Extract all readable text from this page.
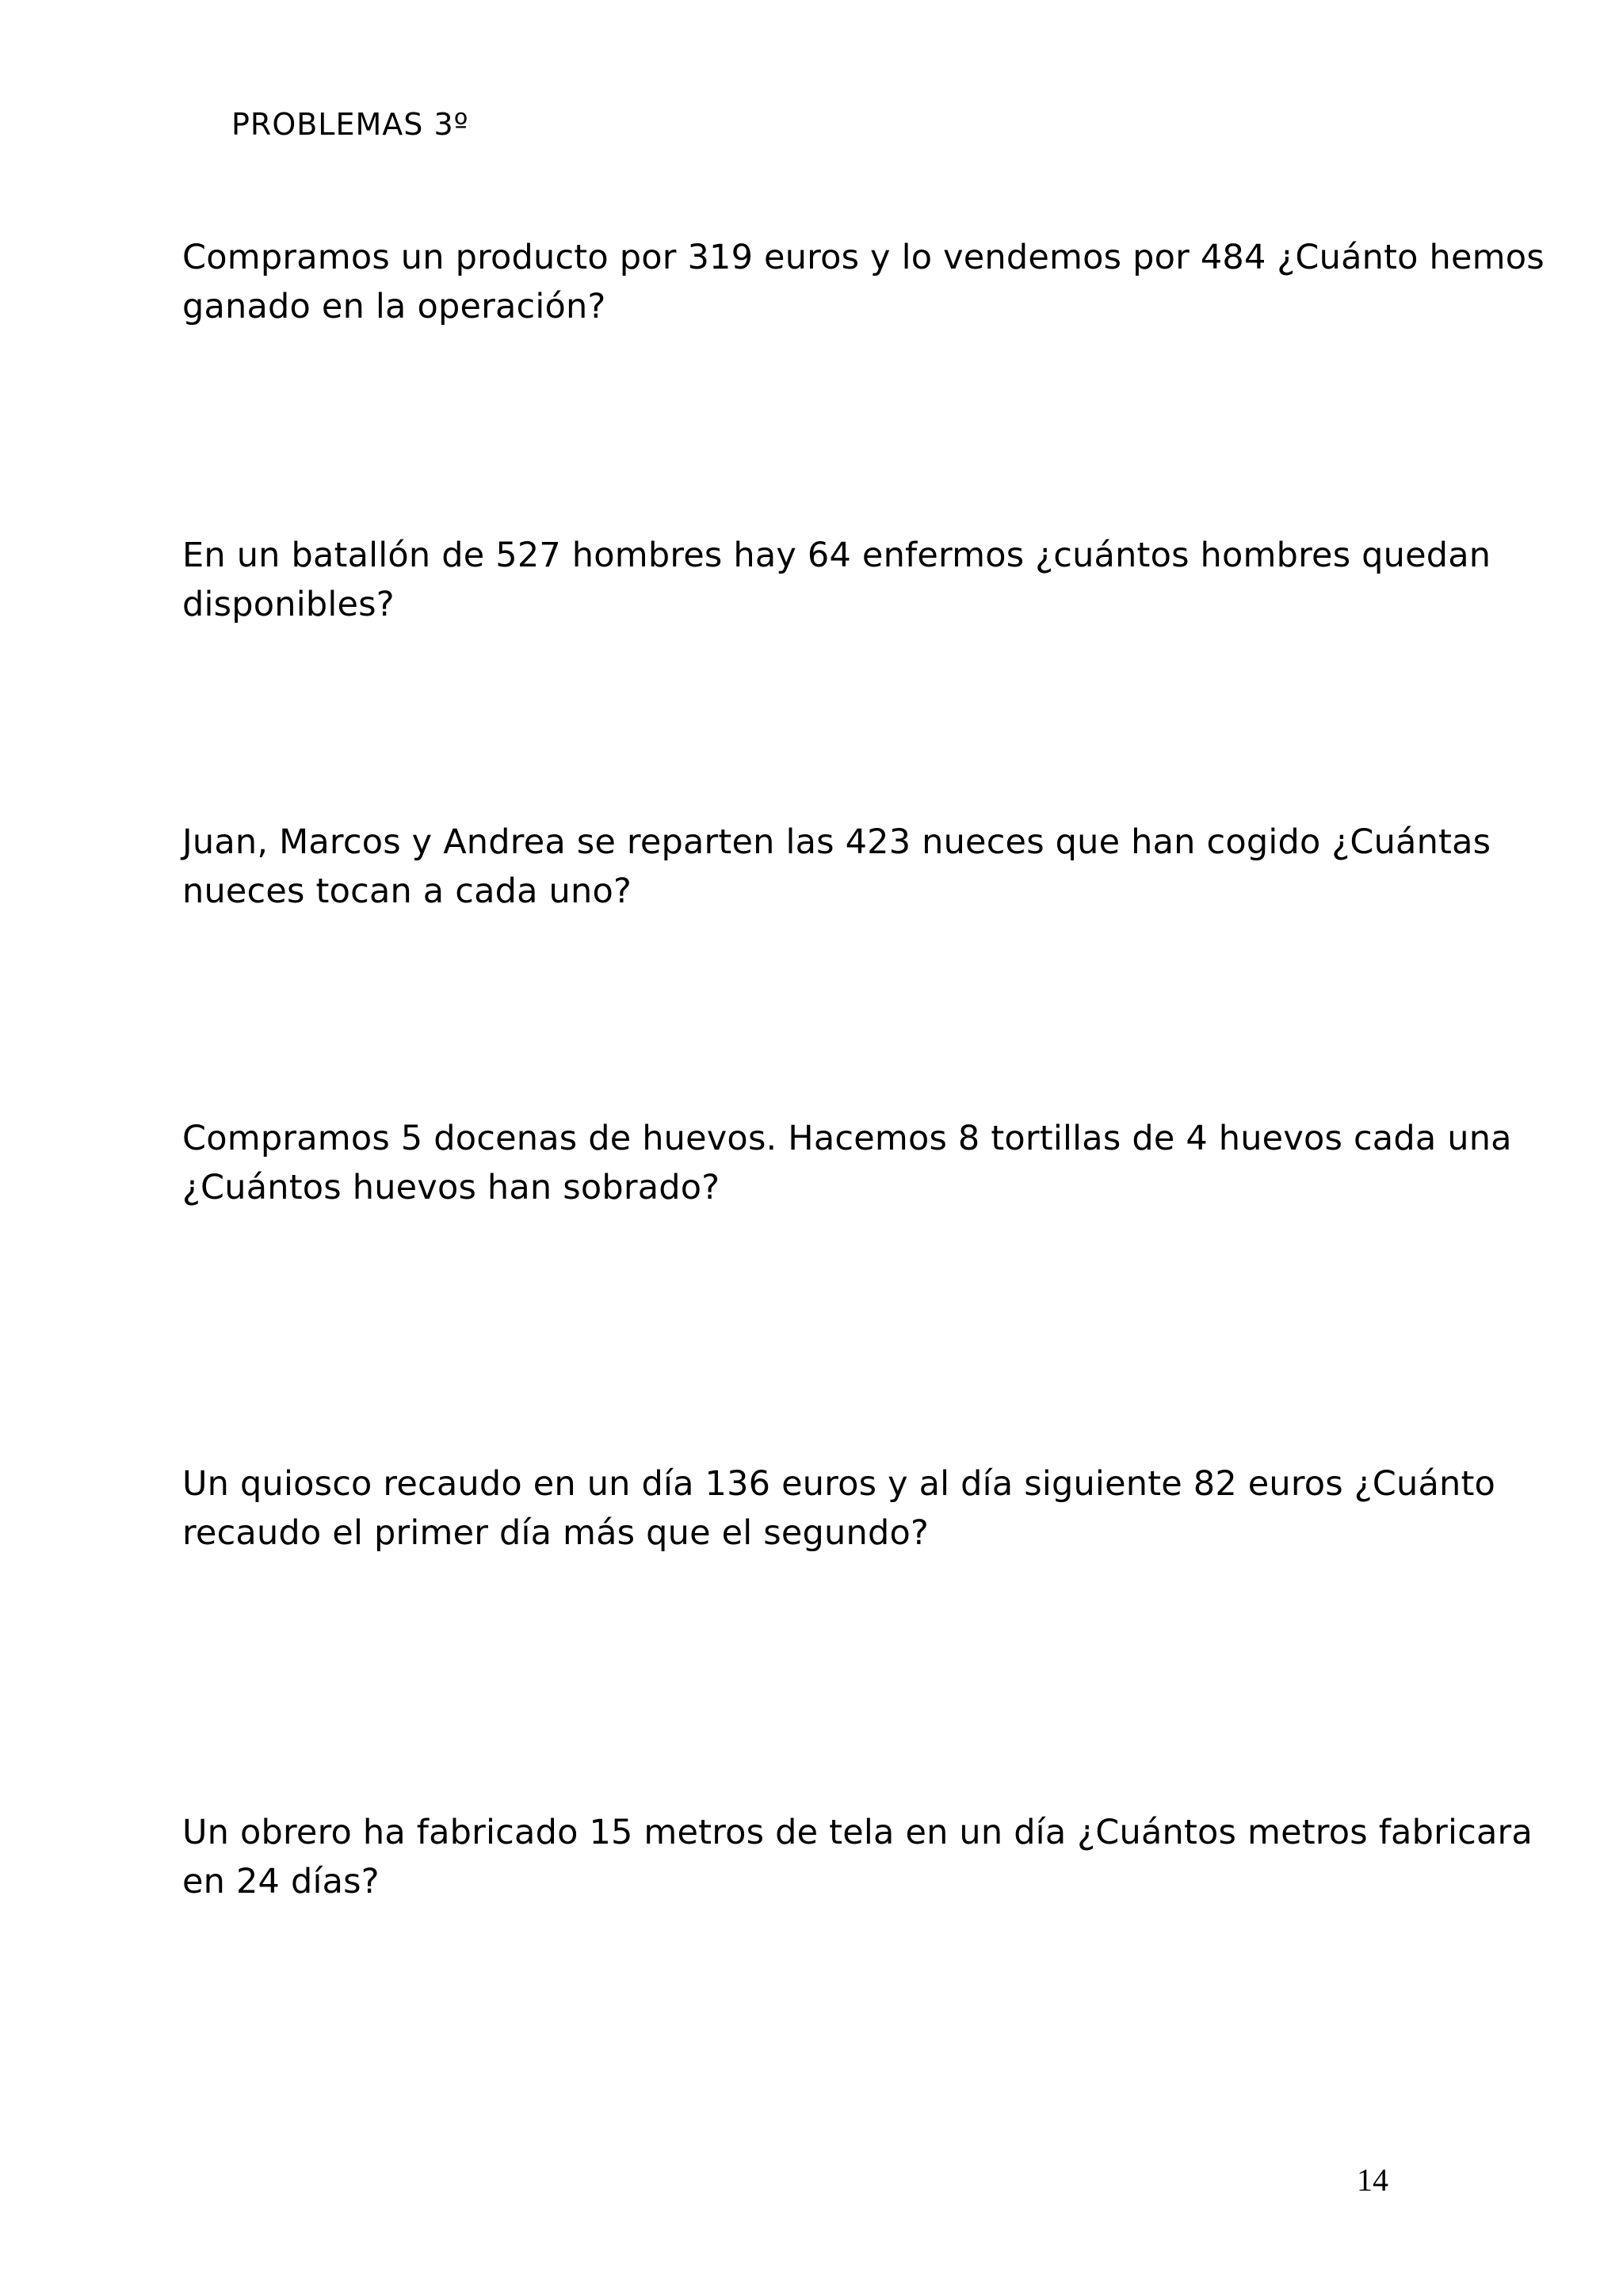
PROBLEMAS 3º
Compramos un producto por 319 euros y lo vendemos por 484 ¿Cuánto hemos
ganado en la operación?
En un batallón de 527 hombres hay 64 enfermos ¿cuántos hombres quedan
disponibles?
Juan, Marcos y Andrea se reparten las 423 nueces que han cogido ¿Cuántas
nueces tocan a cada uno?
Compramos 5 docenas de huevos. Hacemos 8 tortillas de 4 huevos cada una
¿Cuántos huevos han sobrado?
Un quiosco recaudo en un día 136 euros y al día siguiente 82 euros ¿Cuánto
recaudo el primer día más que el segundo?
Un obrero ha fabricado 15 metros de tela en un día ¿Cuántos metros fabricara
en 24 días?
14
